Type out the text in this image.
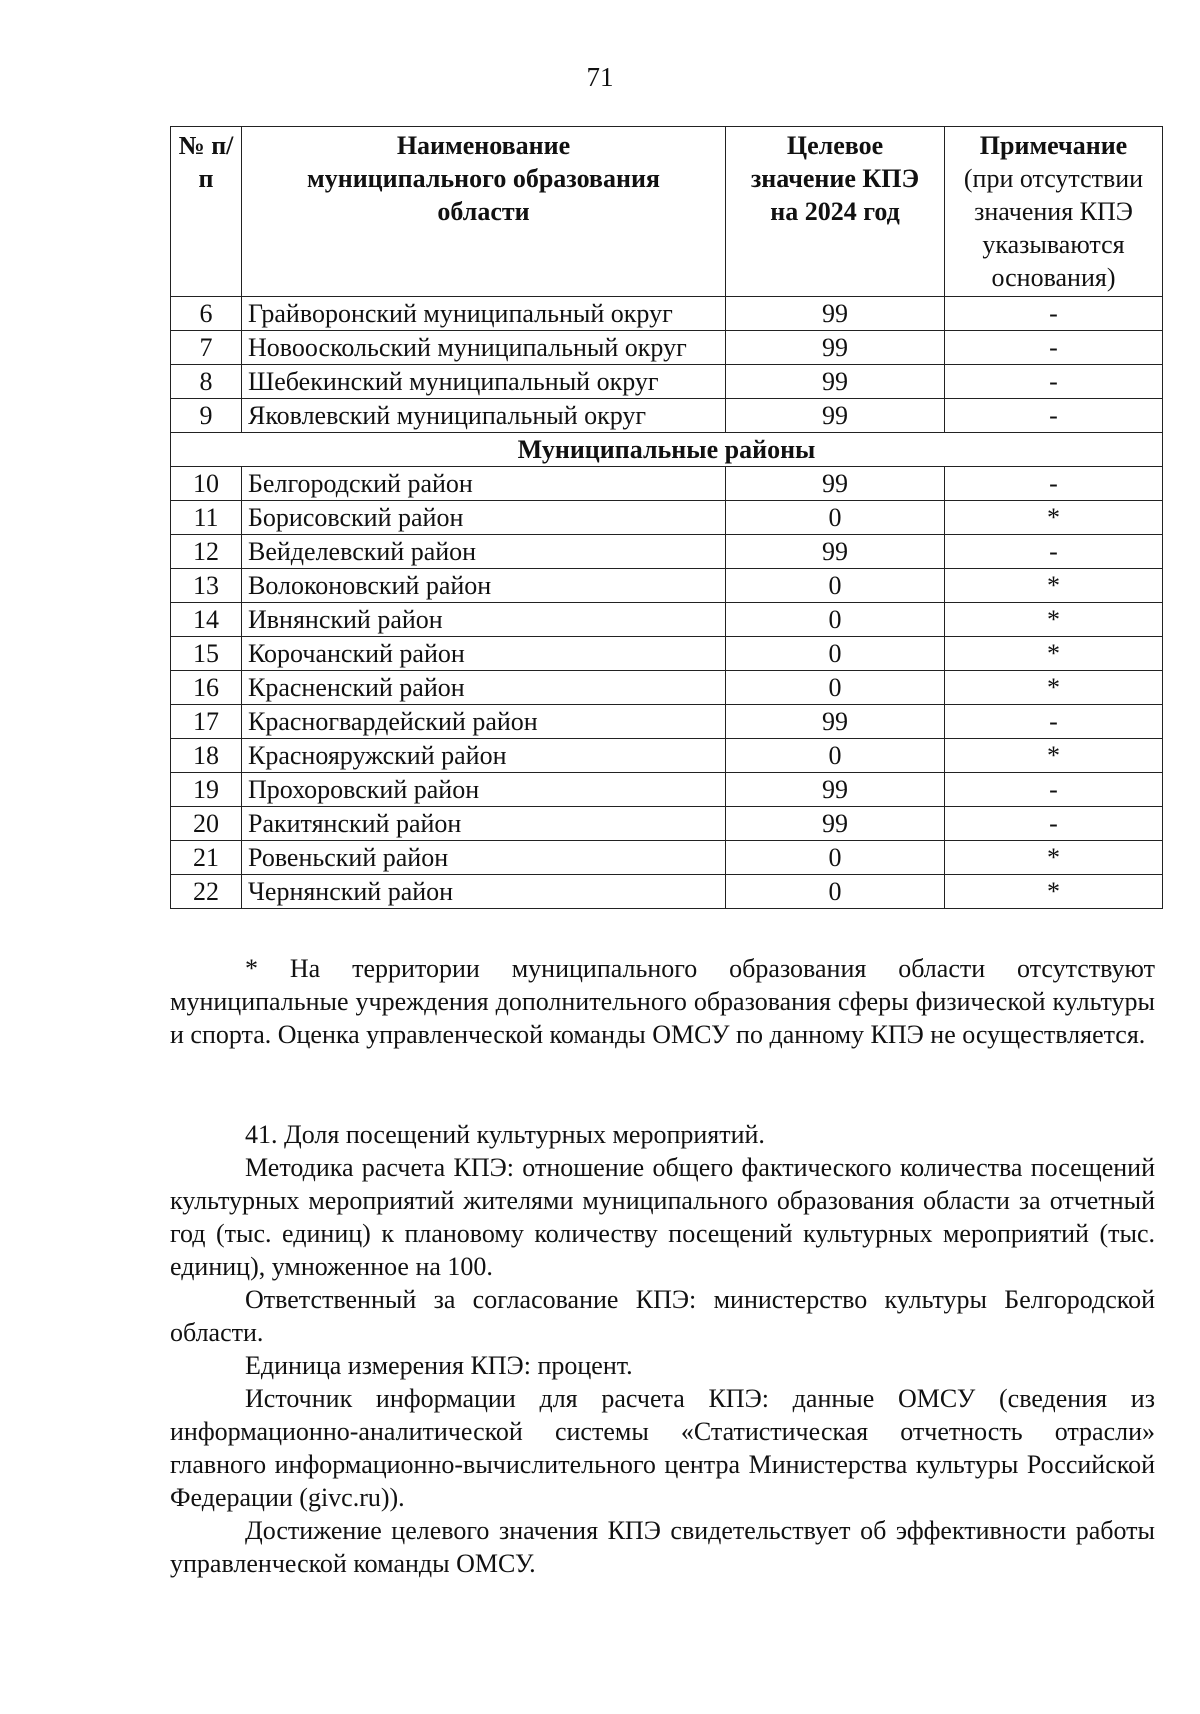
71
№ п/п	Наименование муниципального образования области	Целевое значение КПЭ на 2024 год	Примечание
(при отсутствии значения КПЭ указываются основания)

6	Грайворонский муниципальный округ	99	-
7	Новооскольский муниципальный округ	99	-
8	Шебекинский муниципальный округ	99	-
9	Яковлевский муниципальный округ	99	-
Муниципальные районы			
10	Белгородский район	99	-
11	Борисовский район	0	*
12	Вейделевский район	99	-
13	Волоконовский район	0	*
14	Ивнянский район	0	*
15	Корочанский район	0	*
16	Красненский район	0	*
17	Красногвардейский район	99	-
18	Краснояружский район	0	*
19	Прохоровский район	99	-
20	Ракитянский район	99	-
21	Ровеньский район	0	*
22	Чернянский район	0	*

* На территории муниципального образования области отсутствуют муниципальные учреждения дополнительного образования сферы физической культуры и спорта. Оценка управленческой команды ОМСУ по данному КПЭ не осуществляется.

41. Доля посещений культурных мероприятий.

Методика расчета КПЭ: отношение общего фактического количества посещений культурных мероприятий жителями муниципального образования области за отчетный год (тыс. единиц) к плановому количеству посещений культурных мероприятий (тыс. единиц), умноженное на 100.

Ответственный за согласование КПЭ: министерство культуры Белгородской области.

Единица измерения КПЭ: процент.

Источник информации для расчета КПЭ: данные ОМСУ (сведения из информационно-аналитической системы «Статистическая отчетность отрасли» главного информационно-вычислительного центра Министерства культуры Российской Федерации (givc.ru)).

Достижение целевого значения КПЭ свидетельствует об эффективности работы управленческой команды ОМСУ.
